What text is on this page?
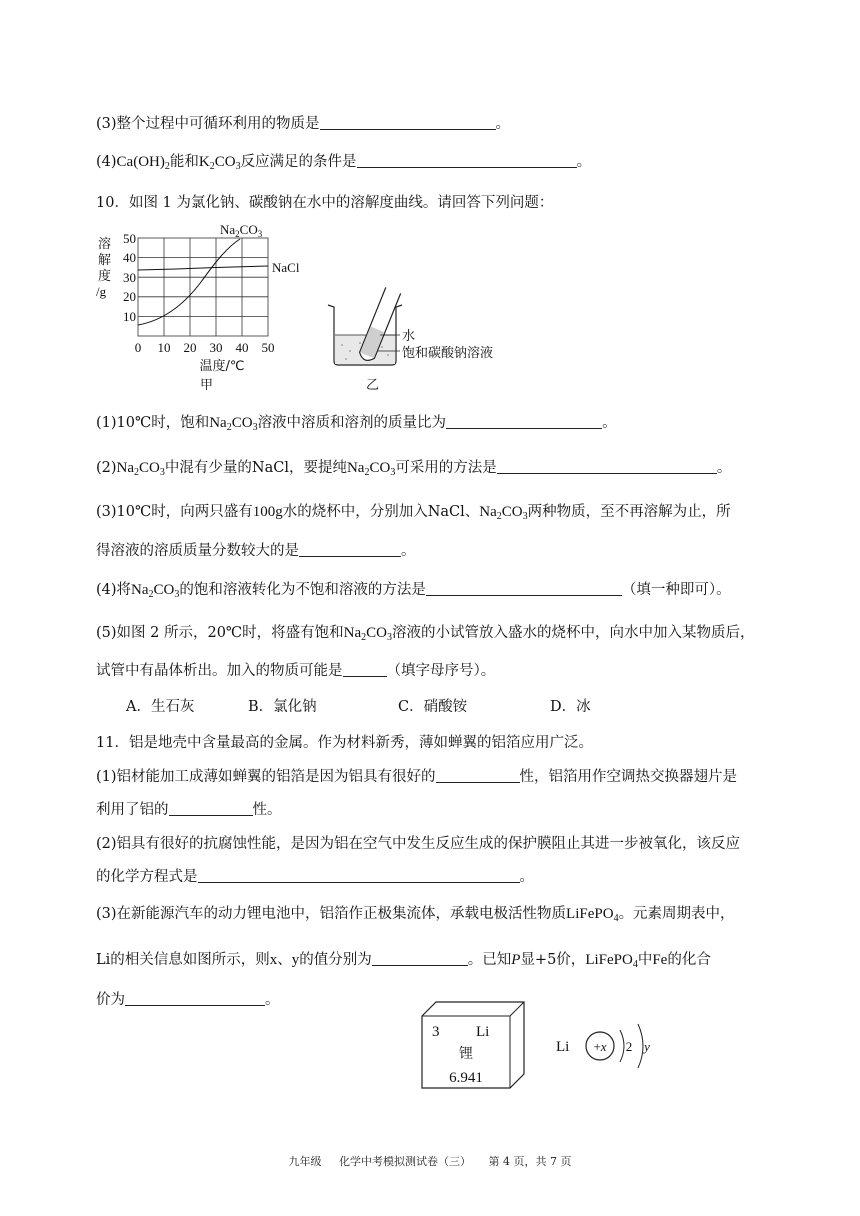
(3)整个过程中可循环利用的物质是	。
$(4)Ca(OH)_2$能和$K_2CO_3$反应满足的条件是	。
10．如图 1 为氯化钠、碳酸钠在水中的溶解度曲线。请回答下列问题：
溶
解
度
/g
50
40
30
20
10
0 10 20 30 40 50
温度/℃
$Na_2CO_3$
NaCl
甲
水
饱和碳酸钠溶液
乙
(1)10℃时，饱和$Na_2CO_3$溶液中溶质和溶剂的质量比为	。
$(2)Na_2CO_3$中混有少量的NaCl，要提纯$Na_2CO_3$可采用的方法是	。
(3)10℃时，向两只盛有100g水的烧杯中，分别加入NaCl、$Na_2CO_3$两种物质，至不再溶解为止，所
得溶液的溶质质量分数较大的是	。
(4)将$Na_2CO_3$的饱和溶液转化为不饱和溶液的方法是	（填一种即可）。
(5)如图 2 所示，20℃时，将盛有饱和$Na_2CO_3$溶液的小试管放入盛水的烧杯中，向水中加入某物质后，
试管中有晶体析出。加入的物质可能是	（填字母序号）。
A．生石灰	B．氯化钠	C．硝酸铵	D．冰
11．铝是地壳中含量最高的金属。作为材料新秀，薄如蝉翼的铝箔应用广泛。
(1)铝材能加工成薄如蝉翼的铝箔是因为铝具有很好的	性，铝箔用作空调热交换器翅片是
利用了铝的	性。
(2)铝具有很好的抗腐蚀性能，是因为铝在空气中发生反应生成的保护膜阻止其进一步被氧化，该反应
的化学方程式是	。
(3)在新能源汽车的动力锂电池中，铝箔作正极集流体，承载电极活性物质LiFePO$_4$。元素周期表中，
Li的相关信息如图所示，则x、y的值分别为	。已知P显+5价，LiFePO$_4$中Fe的化合
价为	。
3 Li
锂
6.941
Li +x 2 y
九年级 化学中考模拟测试卷（三） 第 4 页，共 7 页
